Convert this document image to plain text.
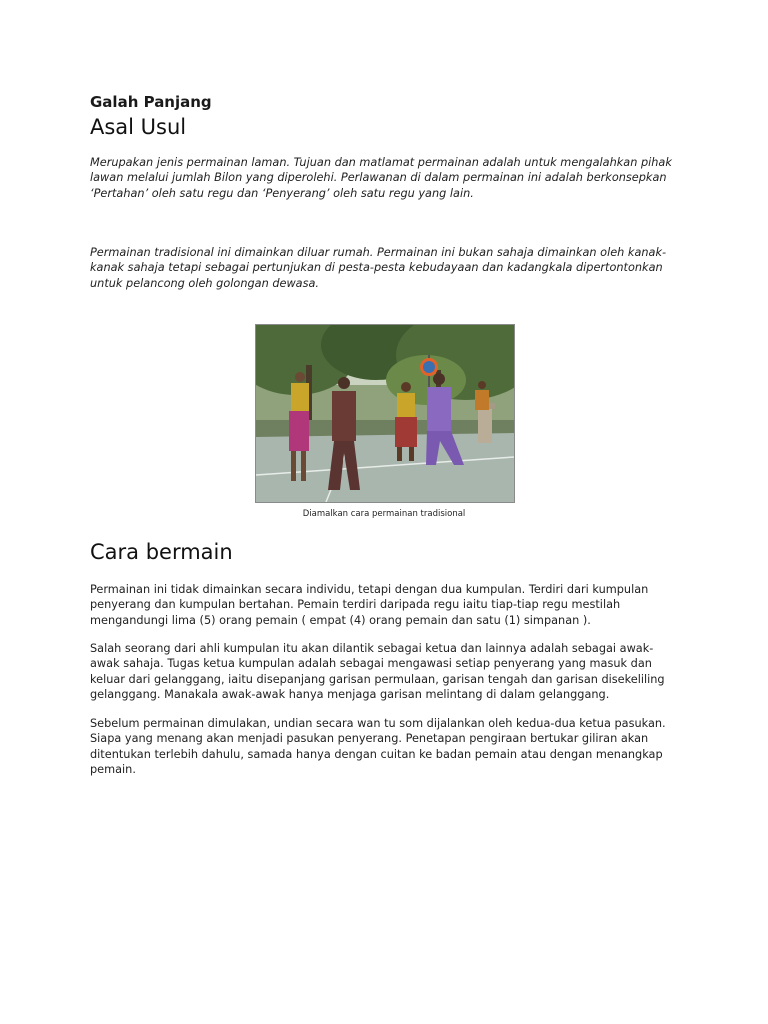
Galah Panjang
Asal Usul

Merupakan jenis permainan laman. Tujuan dan matlamat permainan adalah untuk mengalahkan pihak lawan melalui jumlah Bilon yang diperolehi. Perlawanan di dalam permainan ini adalah berkonsepkan ‘Pertahan’ oleh satu regu dan ‘Penyerang’ oleh satu regu yang lain.

Permainan tradisional ini dimainkan diluar rumah. Permainan ini bukan sahaja dimainkan oleh kanak-kanak sahaja tetapi sebagai pertunjukan di pesta-pesta kebudayaan dan kadangkala dipertontonkan untuk pelancong oleh golongan dewasa.

Diamalkan cara permainan tradisional

Cara bermain

Permainan ini tidak dimainkan secara individu, tetapi dengan dua kumpulan. Terdiri dari kumpulan penyerang dan kumpulan bertahan. Pemain terdiri daripada regu iaitu tiap-tiap regu mestilah mengandungi lima (5) orang pemain ( empat (4) orang pemain dan satu (1) simpanan ).

Salah seorang dari ahli kumpulan itu akan dilantik sebagai ketua dan lainnya adalah sebagai awak-awak sahaja. Tugas ketua kumpulan adalah sebagai mengawasi setiap penyerang yang masuk dan keluar dari gelanggang, iaitu disepanjang garisan permulaan, garisan tengah dan garisan disekeliling gelanggang. Manakala awak-awak hanya menjaga garisan melintang di dalam gelanggang.

Sebelum permainan dimulakan, undian secara wan tu som dijalankan oleh kedua-dua ketua pasukan. Siapa yang menang akan menjadi pasukan penyerang. Penetapan pengiraan bertukar giliran akan ditentukan terlebih dahulu, samada hanya dengan cuitan ke badan pemain atau dengan menangkap pemain.
